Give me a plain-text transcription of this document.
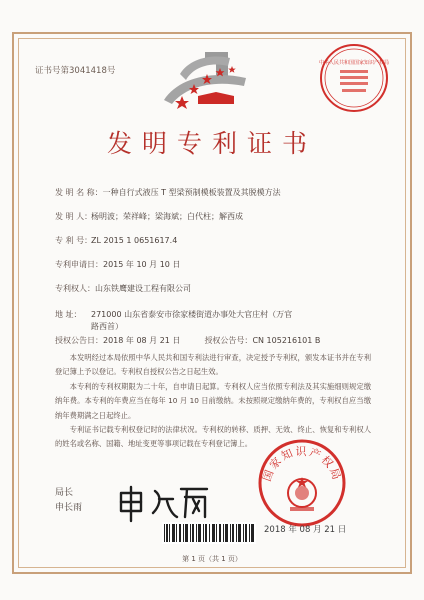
证书号第3041418号
中华人民共和国国家知识产权局
发明专利证书
发 明 名 称：一种自行式液压 T 型梁预制模板装置及其脱模方法
发 明 人：杨明波；荣祥峰；梁海斌；白代柱；解西成
专 利 号：ZL 2015 1 0651617.4
专利申请日：2015 年 10 月 10 日
专利权人：山东铁鹰建设工程有限公司
地 址： 271000 山东省泰安市徐家楼街道办事处大官庄村（万官
路西首）
授权公告日：2018 年 08 月 21 日	授权公告号：CN 105216101 B
本发明经过本局依照中华人民共和国专利法进行审查，决定授予专利权，颁发本证书并在专利登记簿上予以登记。专利权自授权公告之日起生效。
本专利的专利权期限为二十年，自申请日起算。专利权人应当依照专利法及其实施细则规定缴纳年费。本专利的年费应当在每年 10 月 10 日前缴纳。未按照规定缴纳年费的，专利权自应当缴纳年费期满之日起终止。
专利证书记载专利权登记时的法律状况。专利权的转移、质押、无效、终止、恢复和专利权人的姓名或名称、国籍、地址变更等事项记载在专利登记簿上。
局长
申长雨
申长雨
国家知识产权局
2018 年 08 月 21 日
第 1 页（共 1 页）
